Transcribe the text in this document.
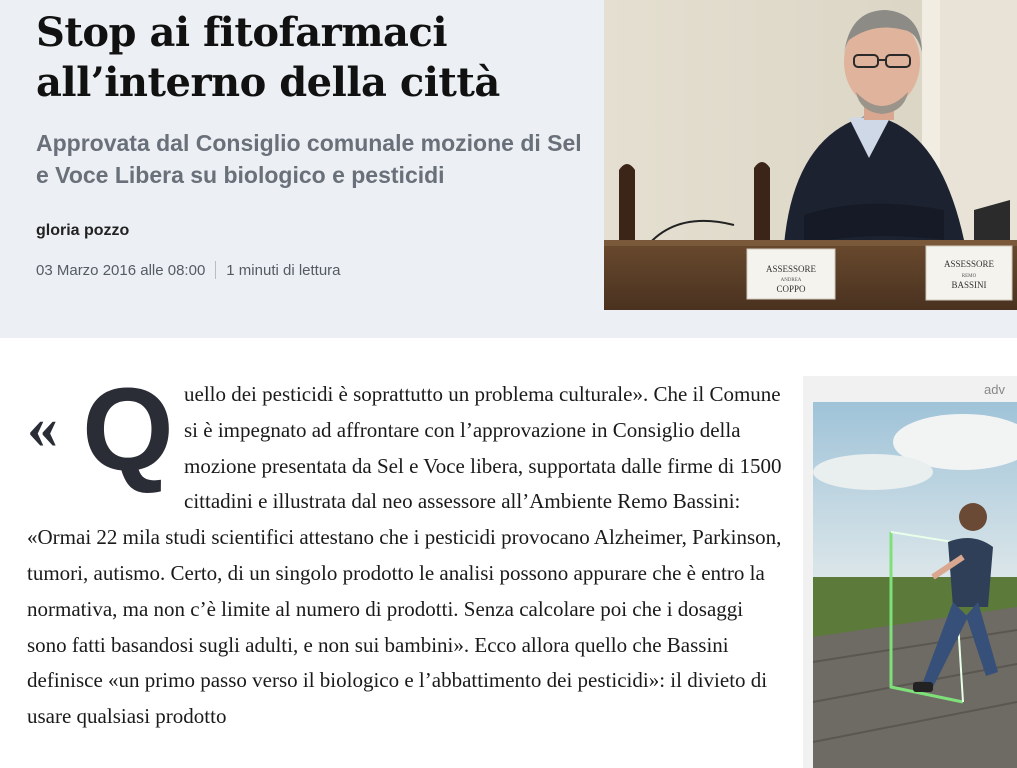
Stop ai fitofarmaci all’interno della città
Approvata dal Consiglio comunale mozione di Sel e Voce Libera su biologico e pesticidi
gloria pozzo
03 Marzo 2016 alle 08:00 1 minuti di lettura	ASSESSORE
ANDREA
COPPO
ASSESSORE
REMO
BASSINI
« Q uello dei pesticidi è soprattutto un problema culturale». Che il Comune si è impegnato ad affrontare con l’approvazione in Consiglio della mozione presentata da Sel e Voce libera, supportata dalle firme di 1500 cittadini e illustrata dal neo assessore all’Ambiente Remo Bassini: «Ormai 22 mila studi scientifici attestano che i pesticidi provocano Alzheimer, Parkinson, tumori, autismo. Certo, di un singolo prodotto le analisi possono appurare che è entro la normativa, ma non c’è limite al numero di prodotti. Senza calcolare poi che i dosaggi sono fatti basandosi sugli adulti, e non sui bambini». Ecco allora quello che Bassini definisce «un primo passo verso il biologico e l’abbattimento dei pesticidi»: il divieto di usare qualsiasi prodotto

adv
